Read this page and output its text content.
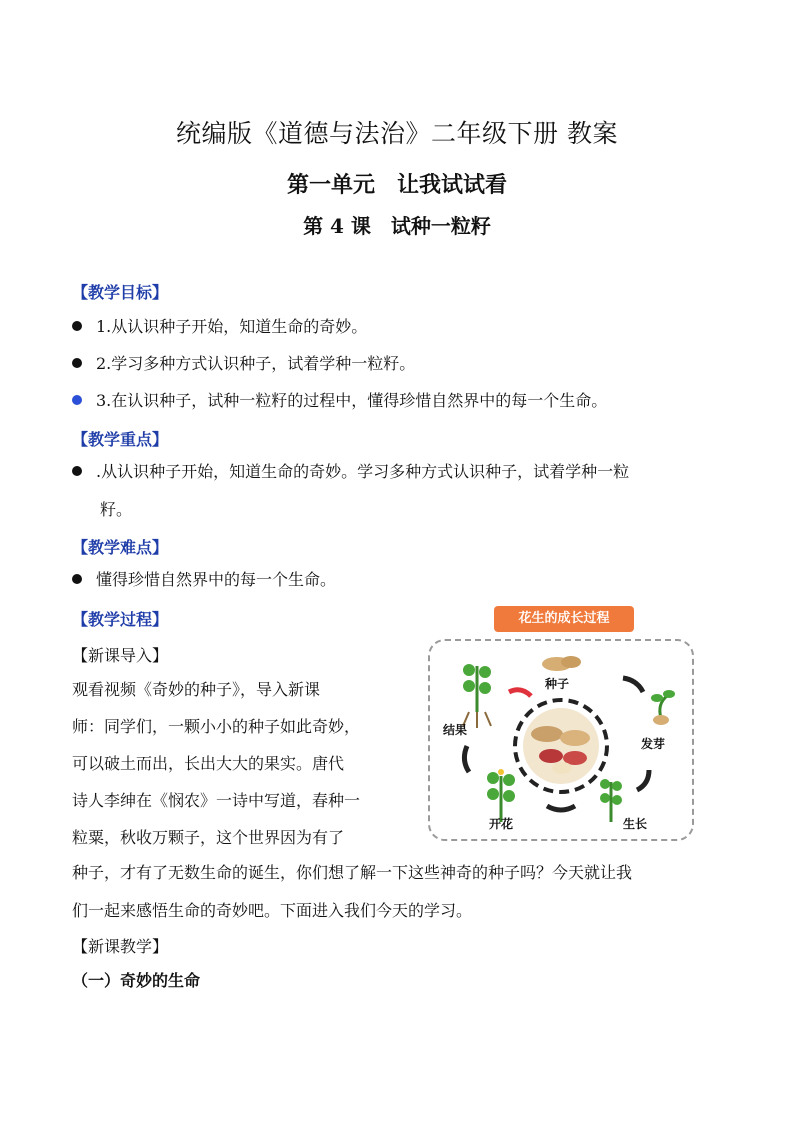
统编版《道德与法治》二年级下册 教案
第一单元　让我试试看
第 4 课　试种一粒籽
【教学目标】
1.从认识种子开始，知道生命的奇妙。
2.学习多种方式认识种子，试着学种一粒籽。
3.在认识种子，试种一粒籽的过程中，懂得珍惜自然界中的每一个生命。
【教学重点】
.从认识种子开始，知道生命的奇妙。学习多种方式认识种子，试着学种一粒
籽。
【教学难点】
懂得珍惜自然界中的每一个生命。
【教学过程】
【新课导入】
观看视频《奇妙的种子》，导入新课
师：同学们，一颗小小的种子如此奇妙，
可以破土而出，长出大大的果实。唐代
诗人李绅在《悯农》一诗中写道，春种一
粒粟，秋收万颗子，这个世界因为有了
种子，才有了无数生命的诞生，你们想了解一下这些神奇的种子吗？今天就让我
们一起来感悟生命的奇妙吧。下面进入我们今天的学习。
【新课教学】
（一）奇妙的生命
种子
发芽
生长
开花
结果
花生的成长过程
